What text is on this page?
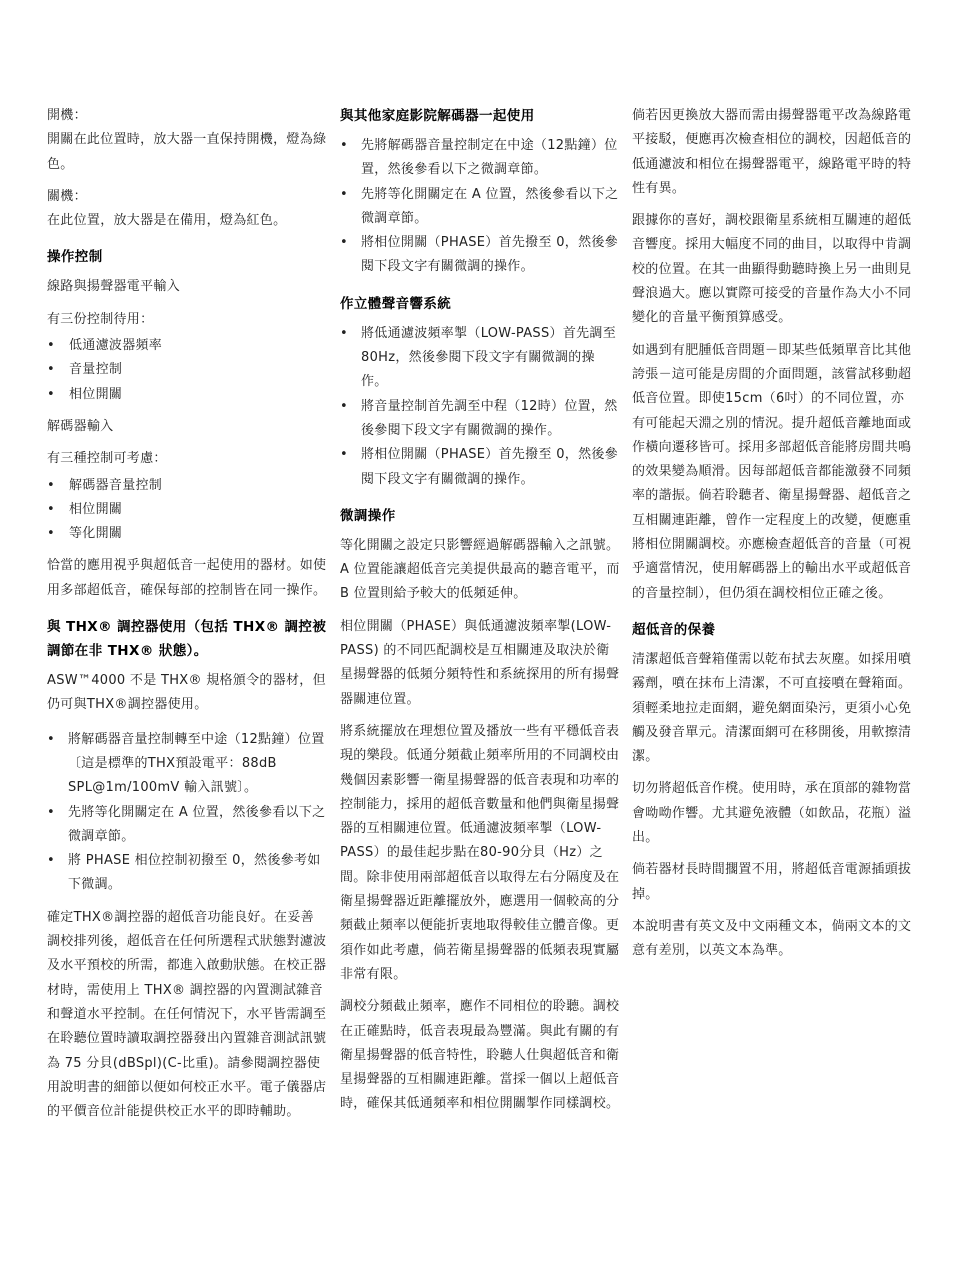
開機：

開關在此位置時，放大器一直保持開機，燈為綠色。

關機：

在此位置，放大器是在備用，燈為紅色。

操作控制

線路與揚聲器電平輸入

有三份控制待用：

• 低通濾波器頻率
• 音量控制
• 相位開關

解碼器輸入

有三種控制可考慮：

• 解碼器音量控制
• 相位開關
• 等化開關

恰當的應用視乎與超低音一起使用的器材。如使用多部超低音，確保每部的控制皆在同一操作。

與 THX® 調控器使用（包括 THX® 調控被調節在非 THX® 狀態）。

ASW™4000 不是 THX® 規格頒令的器材，但仍可與THX®調控器使用。

• 將解碼器音量控制轉至中途（12點鐘）位置〔這是標準的THX預設電平：88dB SPL@1m/100mV 輸入訊號〕。
• 先將等化開關定在 A 位置，然後參看以下之微調章節。
• 將 PHASE 相位控制初撥至 0，然後參考如下微調。

確定THX®調控器的超低音功能良好。在妥善調校排列後，超低音在任何所選程式狀態對濾波及水平預校的所需，都進入啟動狀態。在校正器材時，需使用上 THX® 調控器的內置測試雜音和聲道水平控制。在任何情況下，水平皆需調至在聆聽位置時讀取調控器發出內置雜音測試訊號為 75 分貝(dBSpl)(C-比重)。請參閱調控器使用說明書的細節以便如何校正水平。電子儀器店的平價音位計能提供校正水平的即時輔助。

與其他家庭影院解碼器一起使用
• 先將解碼器音量控制定在中途（12點鐘）位置，然後參看以下之微調章節。
• 先將等化開關定在 A 位置，然後參看以下之微調章節。
• 將相位開關（PHASE）首先撥至 0，然後參閱下段文字有關微調的操作。
作立體聲音響系統
• 將低通濾波頻率掣（LOW-PASS）首先調至 80Hz，然後參閱下段文字有關微調的操作。
• 將音量控制首先調至中程（12時）位置，然後參閱下段文字有關微調的操作。
• 將相位開關（PHASE）首先撥至 0，然後參閱下段文字有關微調的操作。
微調操作

等化開關之設定只影響經過解碼器輸入之訊號。A 位置能讓超低音完美提供最高的聽音電平，而 B 位置則給予較大的低頻延伸。

相位開關（PHASE）與低通濾波頻率掣(LOW-PASS) 的不同匹配調校是互相關連及取決於衛星揚聲器的低頻分頻特性和系統探用的所有揚聲器關連位置。

將系統擺放在理想位置及播放一些有平穩低音表現的樂段。低通分頻截止頻率所用的不同調校由幾個因素影響一衛星揚聲器的低音表現和功率的控制能力，採用的超低音數量和他們與衛星揚聲器的互相關連位置。低通濾波頻率掣（LOW-PASS）的最佳起步點在80-90分貝（Hz）之間。除非使用兩部超低音以取得左右分隔度及在衛星揚聲器近距離擺放外，應選用一個較高的分頻截止頻率以便能折衷地取得較佳立體音像。更須作如此考慮，倘若衛星揚聲器的低頻表現實屬非常有限。

調校分頻截止頻率，應作不同相位的聆聽。調校在正確點時，低音表現最為豐滿。與此有關的有衛星揚聲器的低音特性，聆聽人仕與超低音和衛星揚聲器的互相關連距離。當採一個以上超低音時，確保其低通頻率和相位開關掣作同樣調校。

倘若因更換放大器而需由揚聲器電平改為線路電平接駁，便應再次檢查相位的調校，因超低音的低通濾波和相位在揚聲器電平，線路電平時的特性有異。

跟據你的喜好，調校跟衛星系統相互關連的超低音響度。採用大幅度不同的曲目，以取得中肯調校的位置。在其一曲顯得動聽時換上另一曲則見聲浪過大。應以實際可接受的音量作為大小不同變化的音量平衡預算感受。

如遇到有肥腫低音問題－即某些低頻單音比其他誇張－這可能是房間的介面問題，該嘗試移動超低音位置。即使15cm（6吋）的不同位置，亦有可能起天淵之別的情況。提升超低音離地面或作橫向遷移皆可。採用多部超低音能將房間共鳴的效果變為順滑。因每部超低音都能激發不同頻率的諧振。倘若聆聽者、衛星揚聲器、超低音之互相關連距離，曾作一定程度上的改變，便應重將相位開關調校。亦應檢查超低音的音量（可視乎適當情況，使用解碼器上的輸出水平或超低音的音量控制），但仍須在調校相位正確之後。

超低音的保養

清潔超低音聲箱僅需以乾布拭去灰塵。如採用噴霧劑，噴在抹布上清潔，不可直接噴在聲箱面。須輕柔地拉走面網，避免網面染污，更須小心免觸及發音單元。清潔面網可在移開後，用軟擦清潔。

切勿將超低音作櫈。使用時，承在頂部的雜物當會呦呦作響。尤其避免液體（如飲品，花瓶）溢出。

倘若器材長時間擱置不用，將超低音電源插頭拔掉。

本說明書有英文及中文兩種文本，倘兩文本的文意有差別，以英文本為準。
